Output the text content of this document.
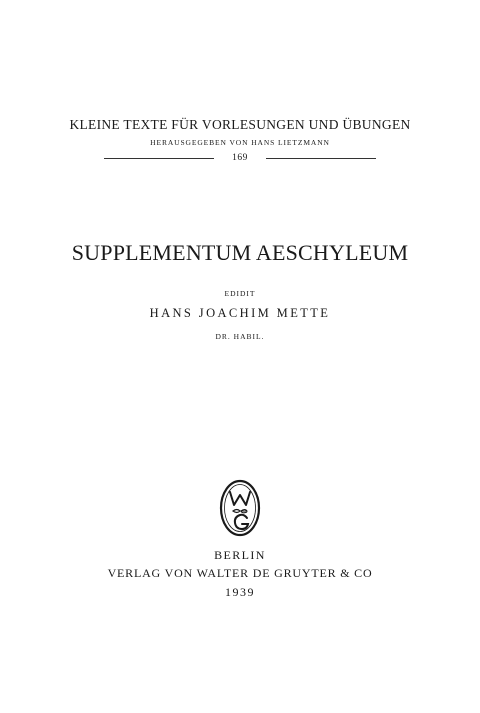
KLEINE TEXTE FÜR VORLESUNGEN UND ÜBUNGEN
HERAUSGEGEBEN VON HANS LIETZMANN
169
SUPPLEMENTUM AESCHYLEUM
EDIDIT
HANS JOACHIM METTE
DR. HABIL.
BERLIN
VERLAG VON WALTER DE GRUYTER & CO
1939
